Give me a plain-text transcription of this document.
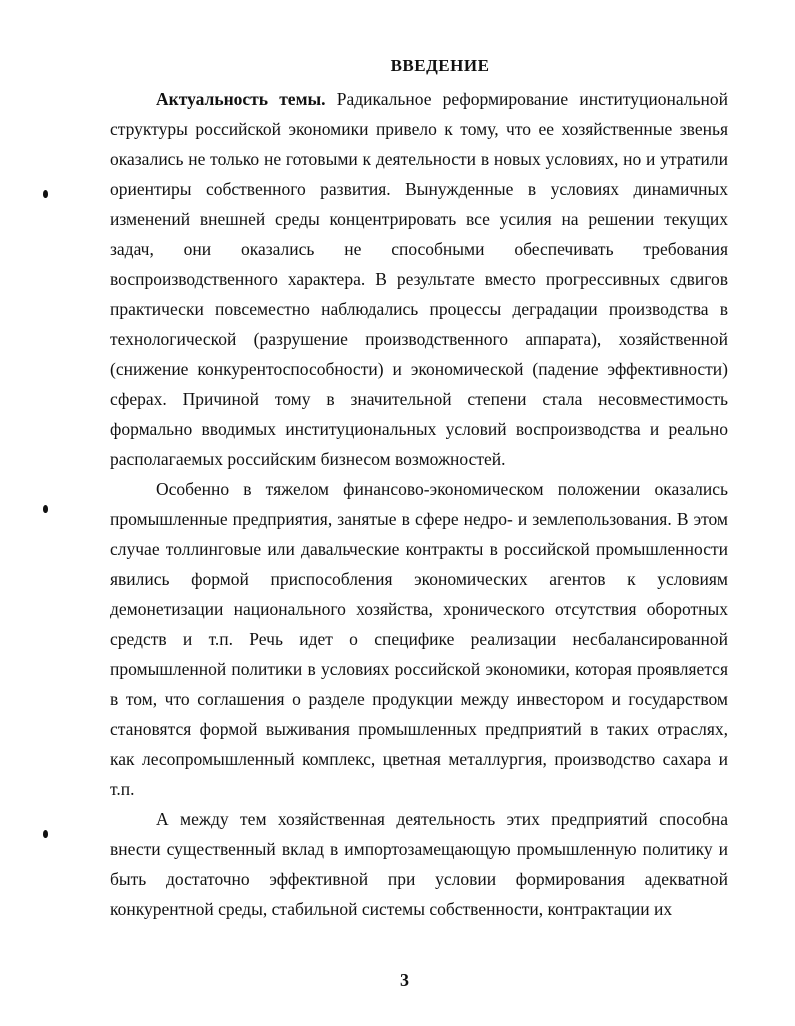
ВВЕДЕНИЕ

Актуальность темы. Радикальное реформирование институциональной структуры российской экономики привело к тому, что ее хозяйственные звенья оказались не только не готовыми к деятельности в новых условиях, но и утратили ориентиры собственного развития. Вынужденные в условиях динамичных изменений внешней среды концентрировать все усилия на решении текущих задач, они оказались не способными обеспечивать требования воспроизводственного характера. В результате вместо прогрессивных сдвигов практически повсеместно наблюдались процессы деградации производства в технологической (разрушение производственного аппарата), хозяйственной (снижение конкурентоспособности) и экономической (падение эффективности) сферах. Причиной тому в значительной степени стала несовместимость формально вводимых институциональных условий воспроизводства и реально располагаемых российским бизнесом возможностей.

Особенно в тяжелом финансово-экономическом положении оказались промышленные предприятия, занятые в сфере недро- и землепользования. В этом случае толлинговые или давальческие контракты в российской промышленности явились формой приспособления экономических агентов к условиям демонетизации национального хозяйства, хронического отсутствия оборотных средств и т.п. Речь идет о специфике реализации несбалансированной промышленной политики в условиях российской экономики, которая проявляется в том, что соглашения о разделе продукции между инвестором и государством становятся формой выживания промышленных предприятий в таких отраслях, как лесопромышленный комплекс, цветная металлургия, производство сахара и т.п.

А между тем хозяйственная деятельность этих предприятий способна внести существенный вклад в импортозамещающую промышленную политику и быть достаточно эффективной при условии формирования адекватной конкурентной среды, стабильной системы собственности, контрактации их

3
